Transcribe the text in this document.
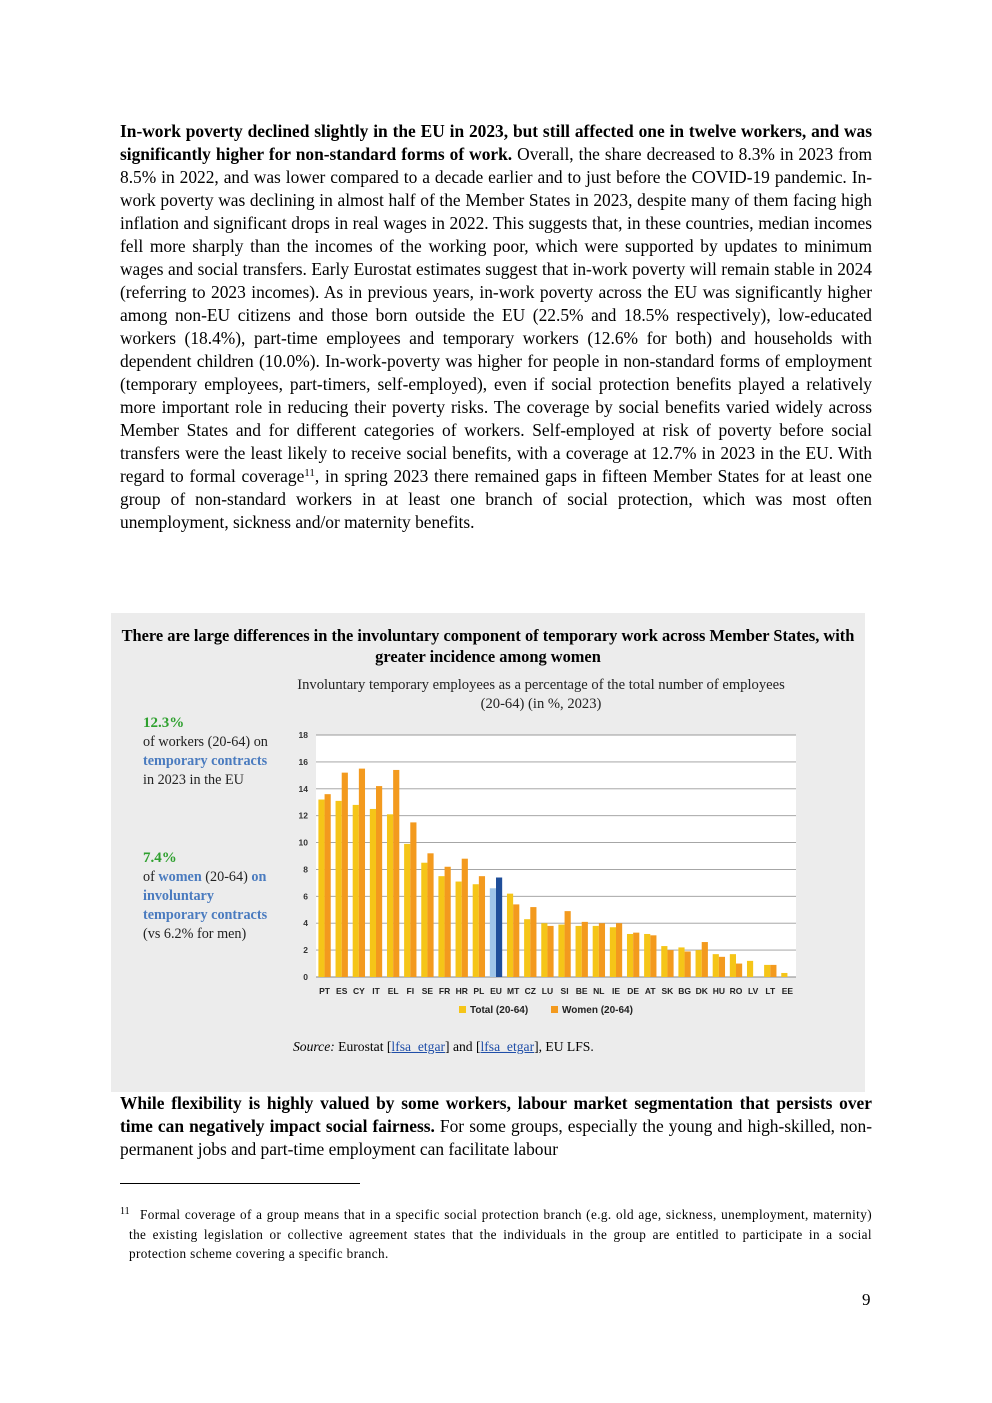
In-work poverty declined slightly in the EU in 2023, but still affected one in twelve workers, and was significantly higher for non-standard forms of work. Overall, the share decreased to 8.3% in 2023 from 8.5% in 2022, and was lower compared to a decade earlier and to just before the COVID-19 pandemic. In-work poverty was declining in almost half of the Member States in 2023, despite many of them facing high inflation and significant drops in real wages in 2022. This suggests that, in these countries, median incomes fell more sharply than the incomes of the working poor, which were supported by updates to minimum wages and social transfers. Early Eurostat estimates suggest that in-work poverty will remain stable in 2024 (referring to 2023 incomes). As in previous years, in-work poverty across the EU was significantly higher among non-EU citizens and those born outside the EU (22.5% and 18.5% respectively), low-educated workers (18.4%), part-time employees and temporary workers (12.6% for both) and households with dependent children (10.0%). In-work-poverty was higher for people in non-standard forms of employment (temporary employees, part-timers, self-employed), even if social protection benefits played a relatively more important role in reducing their poverty risks. The coverage by social benefits varied widely across Member States and for different categories of workers. Self-employed at risk of poverty before social transfers were the least likely to receive social benefits, with a coverage at 12.7% in 2023 in the EU. With regard to formal coverage$^{11}$, in spring 2023 there remained gaps in fifteen Member States for at least one group of non-standard workers in at least one branch of social protection, which was most often unemployment, sickness and/or maternity benefits.

There are large differences in the involuntary component of temporary work across Member States, with greater incidence among women
Involuntary temporary employees as a percentage of the total number of employees (20-64) (in %, 2023)
12.3%
of workers (20-64) on temporary contracts in 2023 in the EU
7.4%
of women (20-64) on involuntary temporary contracts (vs 6.2% for men)
0
2
4
6
8
10
12
14
16
18
PT ES CY IT EL FI SE FR HR PL EU MT CZ LU SI BE NL IE DE AT SK BG DK HU RO LV LT EE
Total (20-64)	Women (20-64)
Source: Eurostat [lfsa_etgar] and [lfsa_etgar], EU LFS.

While flexibility is highly valued by some workers, labour market segmentation that persists over time can negatively impact social fairness. For some groups, especially the young and high-skilled, non-permanent jobs and part-time employment can facilitate labour

$^{11}$ Formal coverage of a group means that in a specific social protection branch (e.g. old age, sickness, unemployment, maternity) the existing legislation or collective agreement states that the individuals in the group are entitled to participate in a social protection scheme covering a specific branch.
9
